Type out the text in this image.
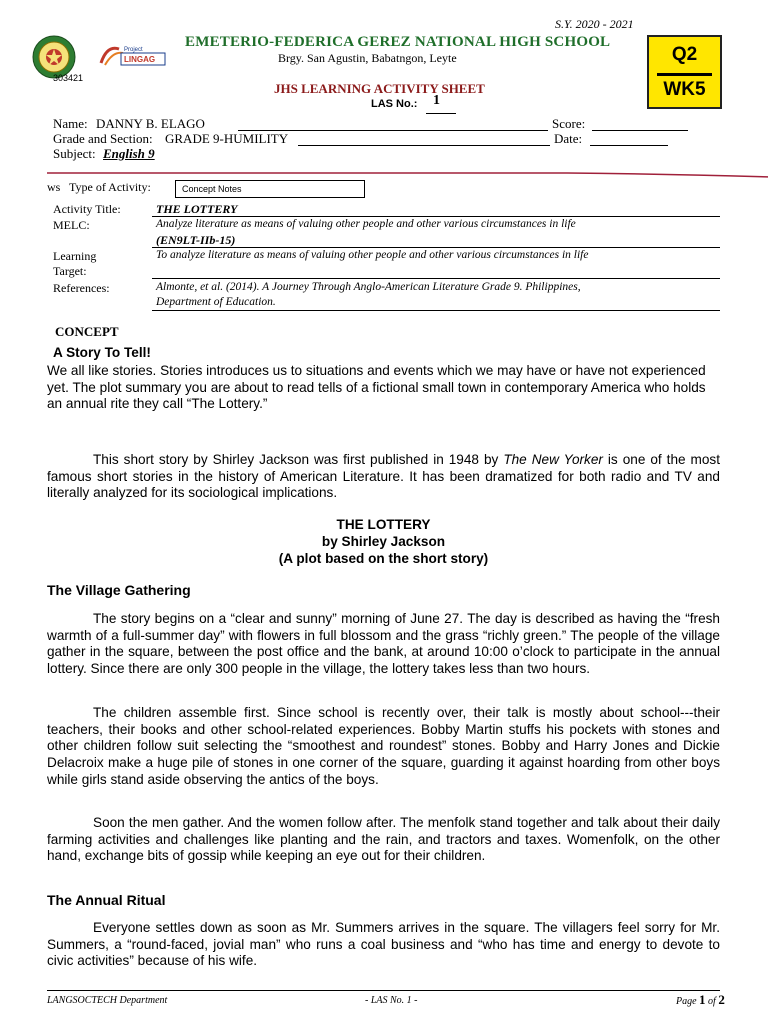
Project
LINGAG
S.Y. 2020 - 2021
EMETERIO-FEDERICA GEREZ NATIONAL HIGH SCHOOL
Brgy. San Agustin, Babatngon, Leyte
303421
JHS LEARNING ACTIVITY SHEET
LAS No.: 1
Q2
WK5
Name: DANNY B. ELAGO	Score:
Grade and Section: GRADE 9-HUMILITY	Date:
Subject: English 9
ws Type of Activity:	Concept Notes
Activity Title:	THE LOTTERY
MELC:	Analyze literature as means of valuing other people and other various circumstances in life
(EN9LT-IIb-15)
Learning
Target:
To analyze literature as means of valuing other people and other various circumstances in life
References:	Almonte, et al. (2014). A Journey Through Anglo-American Literature Grade 9. Philippines,
Department of Education.
CONCEPT
A Story To Tell!
We all like stories. Stories introduces us to situations and events which we may have or have not experienced yet. The plot summary you are about to read tells of a fictional small town in contemporary America who holds an annual rite they call “The Lottery.”
This short story by Shirley Jackson was first published in 1948 by The New Yorker is one of the most famous short stories in the history of American Literature. It has been dramatized for both radio and TV and literally analyzed for its sociological implications.
THE LOTTERY
by Shirley Jackson
(A plot based on the short story)
The Village Gathering
The story begins on a “clear and sunny” morning of June 27. The day is described as having the “fresh warmth of a full-summer day” with flowers in full blossom and the grass “richly green.” The people of the village gather in the square, between the post office and the bank, at around 10:00 o’clock to participate in the annual lottery. Since there are only 300 people in the village, the lottery takes less than two hours.
The children assemble first. Since school is recently over, their talk is mostly about school---their teachers, their books and other school-related experiences. Bobby Martin stuffs his pockets with stones and other children follow suit selecting the “smoothest and roundest” stones. Bobby and Harry Jones and Dickie Delacroix make a huge pile of stones in one corner of the square, guarding it against hoarding from other boys while girls stand aside observing the antics of the boys.
Soon the men gather. And the women follow after. The menfolk stand together and talk about their daily farming activities and challenges like planting and the rain, and tractors and taxes. Womenfolk, on the other hand, exchange bits of gossip while keeping an eye out for their children.
The Annual Ritual
Everyone settles down as soon as Mr. Summers arrives in the square. The villagers feel sorry for Mr. Summers, a “round-faced, jovial man” who runs a coal business and “who has time and energy to devote to civic activities” because of his wife.
LANGSOCTECH Department	- LAS No. 1 -	Page 1 of 2
